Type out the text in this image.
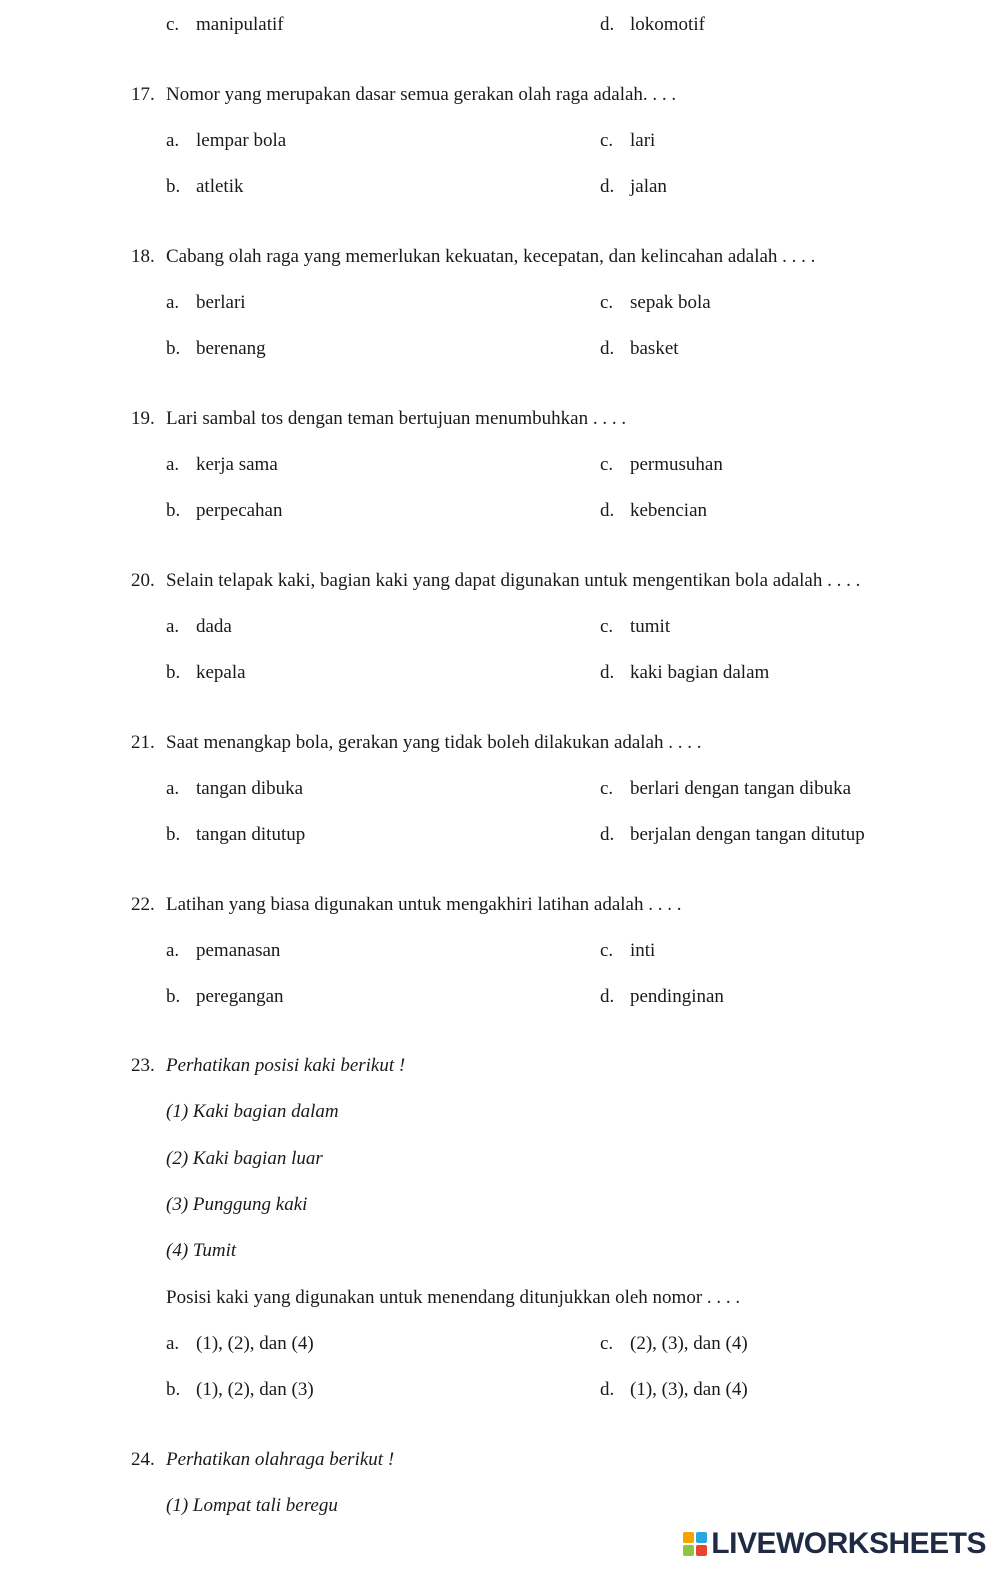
c. manipulatif	d. lokomotif
17. Nomor yang merupakan dasar semua gerakan olah raga adalah. . . .
a. lempar bola	c. lari
b. atletik	d. jalan
18. Cabang olah raga yang memerlukan kekuatan, kecepatan, dan kelincahan adalah . . . .
a. berlari	c. sepak bola
b. berenang	d. basket
19. Lari sambal tos dengan teman bertujuan menumbuhkan . . . .
a. kerja sama	c. permusuhan
b. perpecahan	d. kebencian
20. Selain telapak kaki, bagian kaki yang dapat digunakan untuk mengentikan bola adalah . . . .
a. dada	c. tumit
b. kepala	d. kaki bagian dalam
21. Saat menangkap bola, gerakan yang tidak boleh dilakukan adalah . . . .
a. tangan dibuka	c. berlari dengan tangan dibuka
b. tangan ditutup	d. berjalan dengan tangan ditutup
22. Latihan yang biasa digunakan untuk mengakhiri latihan adalah . . . .
a. pemanasan	c. inti
b. peregangan	d. pendinginan
23. Perhatikan posisi kaki berikut !
(1) Kaki bagian dalam
(2) Kaki bagian luar
(3) Punggung kaki
(4) Tumit
Posisi kaki yang digunakan untuk menendang ditunjukkan oleh nomor . . . .
a. (1), (2), dan (4)	c. (2), (3), dan (4)
b. (1), (2), dan (3)	d. (1), (3), dan (4)
24. Perhatikan olahraga berikut !
(1) Lompat tali beregu
LIVEWORKSHEETS
